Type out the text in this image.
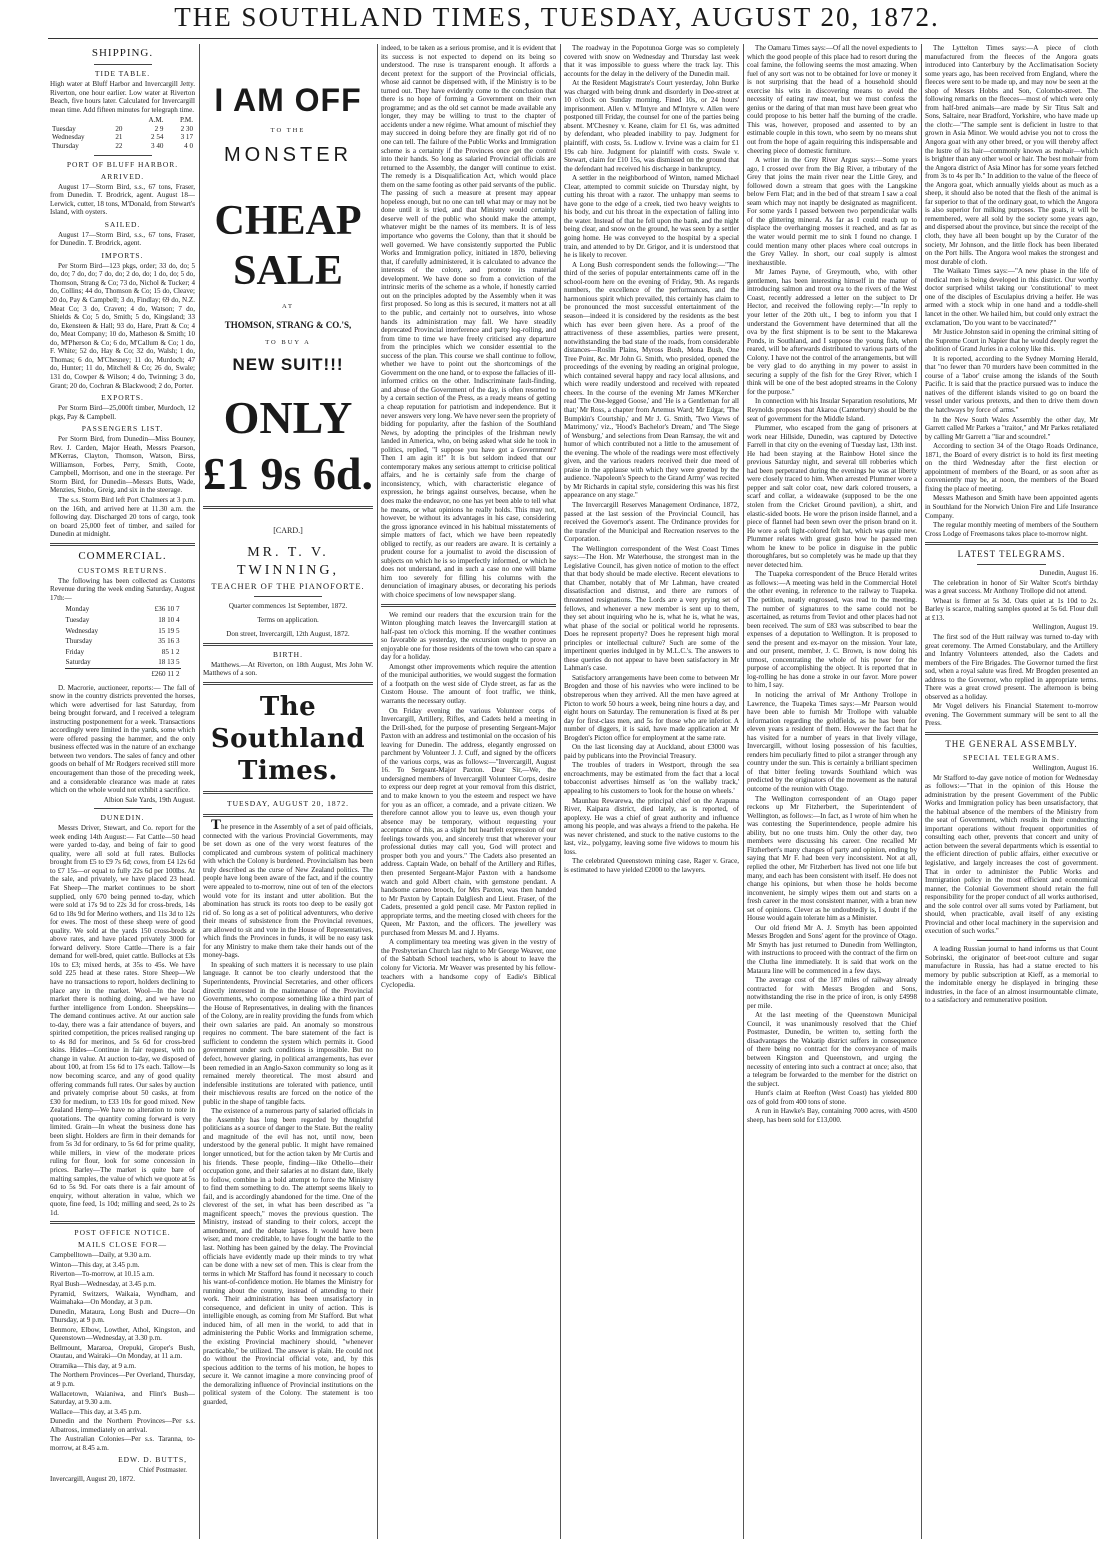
THE SOUTHLAND TIMES, TUESDAY, AUGUST 20, 1872.
SHIPPING.
TIDE TABLE.

High water at Bluff Harbor and Invercargill Jetty. Riverton, one hour earlier. Low water at Riverton Beach, five hours later. Calculated for Invercargill mean time. Add fifteen minutes for telegraph time.

		A.M.	P.M.
Tuesday	20	2 9	2 30
Wednesday	21	2 54	3 17
Thursday	22	3 40	4 0
PORT OF BLUFF HARBOR.
ARRIVED.

August 17—Storm Bird, s.s., 67 tons, Fraser, from Dunedin. T. Brodrick, agent. August 18—Lerwick, cutter, 18 tons, M'Donald, from Stewart's Island, with oysters.

SAILED.

August 17—Storm Bird, s.s., 67 tons, Fraser, for Dunedin. T. Brodrick, agent.

IMPORTS.

Per Storm Bird—123 pkgs, order; 33 do, do; 5 do, do; 7 do, do; 7 do, do; 2 do, do; 1 do, do; 5 do, Thomson, Strang & Co; 73 do, Nichol & Tucker; 4 do, Collins; 44 do, Thomson & Co; 15 do, Cleave; 20 do, Pay & Campbell; 3 do, Findlay; 69 do, N.Z. Meat Co; 3 do, Craven; 4 do, Watson; 7 do, Shields & Co; 5 do, Smith; 5 do, Kingsland; 33 do, Ekensteen & Hall; 93 do, Hare, Pratt & Co; 4 do, Meat Company; 10 do, Matheson & Smith; 10 do, M'Pherson & Co; 6 do, M'Callum & Co; 1 do, F. White; 52 do, Hay & Co; 32 do, Walsh; 1 do, Thomas; 6 do, M'Chesney; 11 do, Murdoch; 47 do, Hunter; 11 do, Mitchell & Co; 26 do, Swale; 131 do, Cowper & Wilson; 4 do, Twinning; 3 do, Grant; 20 do, Cochran & Blackwood; 2 do, Porter.

EXPORTS.

Per Storm Bird—25,000ft timber, Murdoch, 12 pkgs, Pay & Campbell.

PASSENGERS LIST.

Per Storm Bird, from Dunedin—Miss Bouney, Rev. J. Carden, Major Heath, Messrs Pearson, M'Kerras, Clayton, Thomson, Watson, Birss, Williamson, Forbes, Perry, Smith, Coote, Campbell, Morrison, and one in the steerage. Per Storm Bird, for Dunedin—Messrs Butts, Wade, Menzies, Stobo, Greig, and six in the steerage.

The s.s. Storm Bird left Port Chalmers at 3 p.m. on the 16th, and arrived here at 11.30 a.m. the following day. Discharged 20 tons of cargo, took on board 25,000 feet of timber, and sailed for Dunedin at midnight.

COMMERCIAL.
CUSTOMS RETURNS.

The following has been collected as Customs Revenue during the week ending Saturday, August 17th:—

Monday	£36 10 7
Tuesday	18 10 4
Wednesday	15 19 5
Thursday	35 16 3
Friday	85 1 2
Saturday	18 13 5
	£260 11 2

D. Macrorie, auctioneer, reports:— The fall of snow in the country districts prevented the horses, which were advertised for last Saturday, from being brought forward, and I received a telegram instructing postponement for a week. Transactions accordingly were limited in the yards, some which were offered passing the hammer, and the only business effected was in the nature of an exchange between two vendors. The sales of fancy and other goods on behalf of Mr Rodgers received still more encouragement than those of the preceding week, and a considerable clearance was made at rates which on the whole would not exhibit a sacrifice.

Albion Sale Yards, 19th August.

DUNEDIN.

Messrs Driver, Stewart, and Co. report for the week ending 14th August:— Fat Cattle—50 head were yarded to-day, and being of fair to good quality, were all sold at full rates. Bullocks brought from £5 to £9 7s 6d; cows, from £4 12s 6d to £7 15s—or equal to fully 22s 6d per 100lbs. At the sale, and privately, we have placed 23 head. Fat Sheep—The market continues to be short supplied, only 670 being penned to-day, which were sold at 17s 9d to 22s 3d for cross-breds, 14s 6d to 18s 9d for Merino wethers, and 11s 3d to 12s for ewes. The most of these sheep were of good quality. We sold at the yards 150 cross-breds at above rates, and have placed privately 3000 for forward delivery. Store Cattle—There is a fair demand for well-bred, quiet cattle. Bullocks at £3s 10s to £3; mixed herds, at 35s to 45s. We have sold 225 head at these rates. Store Sheep—We have no transactions to report, holders declining to place any in the market. Wool—In the local market there is nothing doing, and we have no further intelligence from London. Sheepskins—The demand continues active. At our auction sale to-day, there was a fair attendance of buyers, and spirited competition, the prices realised ranging up to 4s 8d for merinos, and 5s 6d for cross-bred skins. Hides—Continue in fair request, with no change in value. At auction to-day, we disposed of about 100, at from 15s 6d to 17s each. Tallow—Is now becoming scarce, and any of good quality offering commands full rates. Our sales by auction and privately comprise about 50 casks, at from £30 for medium, to £33 10s for good mixed. New Zealand Hemp—We have no alteration to note in quotations. The quantity coming forward is very limited. Grain—In wheat the business done has been slight. Holders are firm in their demands for from 5s 3d for ordinary, to 5s 6d for prime quality, while millers, in view of the moderate prices ruling for flour, look for some concession in prices. Barley—The market is quite bare of malting samples, the value of which we quote at 5s 6d to 5s 9d. For oats there is a fair amount of enquiry, without alteration in value, which we quote, fine feed, 1s 10d; milling and seed, 2s to 2s 1d.

POST OFFICE NOTICE.
MAILS CLOSE FOR—

Campbelltown—Daily, at 9.30 a.m.

Winton—This day, at 3.45 p.m.

Riverton—To-morrow, at 10.15 a.m.

Ryal Bush—Wednesday, at 3.45 p.m.

Pyramid, Switzers, Waikaia, Wyndham, and Waimahaka—On Monday, at 3 p.m.

Dunedin, Mataura, Long Bush and Ducre—On Thursday, at 9 p.m.

Benmore, Elbow, Lowther, Athol, Kingston, and Queenstown—Wednesday, at 3.30 p.m.

Bellmount, Mararoa, Orepuki, Groper's Bush, Otautau, and Wairaki—On Monday, at 11 a.m.

Otramika—This day, at 9 a.m.

The Northern Provinces—Per Overland, Thursday, at 9 p.m.

Wallacetown, Waianiwa, and Flint's Bush—Saturday, at 9.30 a.m.

Wallace—This day, at 3.45 p.m.

Dunedin and the Northern Provinces—Per s.s. Albatross, immediately on arrival.

The Australian Colonies—Per s.s. Taranna, to-morrow, at 8.45 a.m.

EDW. D. BUTTS,
Chief Postmaster.

Invercargill, August 20, 1872.

I AM OFF
TO THE
MONSTER
CHEAP SALE
AT
THOMSON, STRANG & CO.'S,
TO BUY A
NEW SUIT!!!
ONLY £1 9s 6d.
[CARD.]
MR. T. V. TWINNING,
TEACHER OF THE PIANOFORTE.
Quarter commences 1st September, 1872.
Terms on application.
Don street, Invercargill, 12th August, 1872.
BIRTH.

Matthews.—At Riverton, on 18th August, Mrs John W. Matthews of a son.

The Southland Times.
TUESDAY, AUGUST 20, 1872.

The presence in the Assembly of a set of paid officials, connected with the various Provincial Governments, may be set down as one of the very worst features of the complicated and cumbrous system of political machinery with which the Colony is burdened. Provincialism has been truly described as the curse of New Zealand politics. The people have long been aware of the fact, and if the country were appealed to to-morrow, nine out of ten of the electors would vote for its instant and utter abolition. But the abomination has struck its roots too deep to be easily got rid of. So long as a set of political adventurers, who derive their means of subsistence from the Provincial revenues, are allowed to sit and vote in the House of Representatives, which finds the Provinces in funds, it will be no easy task for any Ministry to make them take their hands out of the money-bags.

In speaking of such matters it is necessary to use plain language. It cannot be too clearly understood that the Superintendents, Provincial Secretaries, and other officers directly interested in the maintenance of the Provincial Governments, who compose something like a third part of the House of Representatives, in dealing with the finances of the Colony, are in reality providing the funds from which their own salaries are paid. An anomaly so monstrous requires no comment. The bare statement of the fact is sufficient to condemn the system which permits it. Good government under such conditions is impossible. But no defect, however glaring, in political arrangements, has ever been remedied in an Anglo-Saxon community so long as it remained merely theoretical. The most absurd and indefensible institutions are tolerated with patience, until their mischievous results are forced on the notice of the public in the shape of tangible facts.

The existence of a numerous party of salaried officials in the Assembly has long been regarded by thoughtful politicians as a source of danger to the State. But the reality and magnitude of the evil has not, until now, been understood by the general public. It might have remained longer unnoticed, but for the action taken by Mr Curtis and his friends. These people, finding—like Othello—their occupation gone, and their salaries at no distant date, likely to follow, combine in a bold attempt to force the Ministry to find them something to do. The attempt seems likely to fail, and is accordingly abandoned for the time. One of the cleverest of the set, in what has been described as "a magnificent speech," moves the previous question. The Ministry, instead of standing to their colors, accept the amendment, and the debate lapses. It would have been wiser, and more creditable, to have fought the battle to the last. Nothing has been gained by the delay. The Provincial officials have evidently made up their minds to try what can be done with a new set of men. This is clear from the terms in which Mr Stafford has found it necessary to couch his want-of-confidence motion. He blames the Ministry for running about the country, instead of attending to their work. Their administration has been unsatisfactory in consequence, and deficient in unity of action. This is intelligible enough, as coming from Mr Stafford. But what induced him, of all men in the world, to add that in administering the Public Works and Immigration scheme, the existing Provincial machinery should, "whenever practicable," be utilized. The answer is plain. He could not do without the Provincial official vote, and, by this specious addition to the terms of his motion, he hopes to secure it. We cannot imagine a more convincing proof of the demoralizing influence of Provincial institutions on the political system of the Colony. The statement is too guarded,

indeed, to be taken as a serious promise, and it is evident that its success is not expected to depend on its being so understood. The ruse is transparent enough. It affords a decent pretext for the support of the Provincial officials, whose aid cannot be dispensed with, if the Ministry is to be turned out. They have evidently come to the conclusion that there is no hope of forming a Government on their own programme; and as the old set cannot be made available any longer, they may be willing to trust to the chapter of accidents under a new régime. What amount of mischief they may succeed in doing before they are finally got rid of no one can tell. The failure of the Public Works and Immigration scheme is a certainty if the Provinces once get the control into their hands. So long as salaried Provincial officials are returned to the Assembly, the danger will continue to exist. The remedy is a Disqualification Act, which would place them on the same footing as other paid servants of the public. The passing of such a measure at present may appear hopeless enough, but no one can tell what may or may not be done until it is tried, and that Ministry would certainly deserve well of the public who should make the attempt, whatever might be the names of its members. It is of less importance who governs the Colony, than that it should be well governed. We have consistently supported the Public Works and Immigration policy, initiated in 1870, believing that, if carefully administered, it is calculated to advance the interests of the colony, and promote its material development. We have done so from a conviction of the intrinsic merits of the scheme as a whole, if honestly carried out on the principles adopted by the Assembly when it was first proposed. So long as this is secured, it matters not at all to the public, and certainly not to ourselves, into whose hands its administration may fall. We have steadily deprecated Provincial interference and party log-rolling, and from time to time we have freely criticised any departure from the principles which we consider essential to the success of the plan. This course we shall continue to follow, whether we have to point out the shortcomings of the Government on the one hand, or to expose the fallacies of ill-informed critics on the other. Indiscriminate fault-finding, and abuse of the Government of the day, is often resorted to by a certain section of the Press, as a ready means of getting a cheap reputation for patriotism and independence. But it never answers very long. We have never seen the propriety of bidding for popularity, after the fashion of the Southland News, by adopting the principles of the Irishman newly landed in America, who, on being asked what side he took in politics, replied, "I suppose you have got a Government? Then I am agin it!" It is but seldom indeed that our contemporary makes any serious attempt to criticise political affairs, and he is certainly safe from the charge of inconsistency, which, with characteristic elegance of expression, he brings against ourselves, because, when he does make the endeavor, no one has yet been able to tell what he means, or what opinions he really holds. This may not, however, be without its advantages in his case, considering the gross ignorance evinced in his habitual misstatements of simple matters of fact, which we have been repeatedly obliged to rectify, as our readers are aware. It is certainly a prudent course for a journalist to avoid the discussion of subjects on which he is so imperfectly informed, or which he does not understand, and in such a case no one will blame him too severely for filling his columns with the denunciation of imaginary abuses, or decorating his periods with choice specimens of low newspaper slang.

We remind our readers that the excursion train for the Winton ploughing match leaves the Invercargill station at half-past ten o'clock this morning. If the weather continues so favorable as yesterday, the excursion ought to prove an enjoyable one for those residents of the town who can spare a day for a holiday.

Amongst other improvements which require the attention of the municipal authorities, we would suggest the formation of a footpath on the west side of Clyde street, as far as the Custom House. The amount of foot traffic, we think, warrants the necessary outlay.

On Friday evening the various Volunteer corps of Invercargill, Artillery, Rifles, and Cadets held a meeting in the Drill-shed, for the purpose of presenting Sergeant-Major Paxton with an address and testimonial on the occasion of his leaving for Dunedin. The address, elegantly engrossed on parchment by Volunteer J. J. Cuff, and signed by the officers of the various corps, was as follows:—"Invercargill, August 16. To Sergeant-Major Paxton. Dear Sir,—We, the undersigned members of Invercargill Volunteer Corps, desire to express our deep regret at your removal from this district, and to make known to you the esteem and respect we have for you as an officer, a comrade, and a private citizen. We therefore cannot allow you to leave us, even though your absence may be temporary, without requesting your acceptance of this, as a slight but heartfelt expression of our feelings towards you, and sincerely trust that wherever your professional duties may call you, God will protect and prosper both you and yours." The Cadets also presented an address. Captain Wade, on behalf of the Artillery and Rifles, then presented Sergeant-Major Paxton with a handsome watch and gold Albert chain, with gemstone pendant. A handsome cameo brooch, for Mrs Paxton, was then handed to Mr Paxton by Captain Dalgliesh and Lieut. Fraser, of the Cadets, presented a gold pencil case. Mr Paxton replied in appropriate terms, and the meeting closed with cheers for the Queen, Mr Paxton, and the officers. The jewellery was purchased from Messrs M. and J. Hyams.

A complimentary tea meeting was given in the vestry of the Presbyterian Church last night to Mr George Weaver, one of the Sabbath School teachers, who is about to leave the colony for Victoria. Mr Weaver was presented by his fellow-teachers with a handsome copy of Eadie's Biblical Cyclopedia.

The roadway in the Popotunoa Gorge was so completely covered with snow on Wednesday and Thursday last week that it was impossible to guess where the track lay. This accounts for the delay in the delivery of the Dunedin mail.

At the Resident Magistrate's Court yesterday, John Burke was charged with being drunk and disorderly in Dee-street at 10 o'clock on Sunday morning. Fined 10s, or 24 hours' imprisonment. Allen v. M'Intyre and M'Intyre v. Allen were postponed till Friday, the counsel for one of the parties being absent. M'Chesney v. Keane, claim for £1 6s, was admitted by defendant, who pleaded inability to pay. Judgment for plaintiff, with costs, 5s. Ludlow v. Irvine was a claim for £1 19s cab hire. Judgment for plaintiff with costs. Swale v. Stewart, claim for £10 15s, was dismissed on the ground that the defendant had received his discharge in bankruptcy.

A settler in the neighborhood of Winton, named Michael Clear, attempted to commit suicide on Thursday night, by cutting his throat with a razor. The unhappy man seems to have gone to the edge of a creek, tied two heavy weights to his body, and cut his throat in the expectation of falling into the water. Instead of that he fell upon the bank, and the night being clear, and snow on the ground, he was seen by a settler going home. He was conveyed to the hospital by a special train, and attended to by Dr. Grigor, and it is understood that he is likely to recover.

A Long Bush correspondent sends the following:—"The third of the series of popular entertainments came off in the school-room here on the evening of Friday, 9th. As regards numbers, the excellence of the performances, and the harmonious spirit which prevailed, this certainly has claim to be pronounced the most successful entertainment of the season—indeed it is considered by the residents as the best which has ever been given here. As a proof of the attractiveness of these assemblies, parties were present, notwithstanding the bad state of the roads, from considerable distances—Roslin Plains, Myross Bush, Mona Bush, One Tree Point, &c. Mr John G. Smith, who presided, opened the proceedings of the evening by reading an original prologue, which contained several happy and racy local allusions, and which were readily understood and received with repeated cheers. In the course of the evening Mr James M'Kercher read 'The One-legged Goose,' and 'He is a Gentleman for all that;' Mr Ross, a chapter from Artemus Ward; Mr Edgar, 'The Bumpkin's Courtship,' and Mr J. G. Smith, 'Two Views of Matrimony,' viz., 'Hood's Bachelor's Dream,' and 'The Siege of Wensburg,' and selections from Dean Ramsay, the wit and humor of which contributed not a little to the amusement of the evening. The whole of the readings were most effectively given, and the various readers received their due meed of praise in the applause with which they were greeted by the audience. 'Napoleon's Speech to the Grand Army' was recited by Mr Richards in capital style, considering this was his first appearance on any stage."

The Invercargill Reserves Management Ordinance, 1872, passed at the last session of the Provincial Council, has received the Governor's assent. The Ordinance provides for the transfer of the Municipal and Recreation reserves to the Corporation.

The Wellington correspondent of the West Coast Times says:—The Hon. Mr Waterhouse, the strongest man in the Legislative Council, has given notice of motion to the effect that that body should be made elective. Recent elevations to that Chamber, notably that of Mr Lahman, have created dissatisfaction and distrust, and there are rumors of threatened resignations. The Lords are a very prying set of fellows, and whenever a new member is sent up to them, they set about inquiring who he is, what he is, what he was, what phase of the social or political world he represents. Does he represent property? Does he represent high moral principles or intellectual culture? Such are some of the impertinent queries indulged in by M.L.C.'s. The answers to these queries do not appear to have been satisfactory in Mr Lahman's case.

Satisfactory arrangements have been come to between Mr Brogden and those of his navvies who were inclined to be obstreperous when they arrived. All the men have agreed at Picton to work 50 hours a week, being nine hours a day, and eight hours on Saturday. The remuneration is fixed at 8s per day for first-class men, and 5s for those who are inferior. A number of diggers, it is said, have made application at Mr Brogden's Picton office for employment at the same rate.

On the last licensing day at Auckland, about £3000 was paid by publicans into the Provincial Treasury.

The troubles of traders in Westport, through the sea encroachments, may be estimated from the fact that a local tobacconist advertises himself as 'on the wallaby track,' appealing to his customers to 'look for the house on wheels.'

Maunhau Rewarewa, the principal chief on the Arapuna River, Kaipara district, died lately, as is reported, of apoplexy. He was a chief of great authority and influence among his people, and was always a friend to the pakeha. He was never christened, and stuck to the native customs to the last, viz., polygamy, leaving some five widows to mourn his loss.

The celebrated Queenstown mining case, Rager v. Grace, is estimated to have yielded £2000 to the lawyers.

The Oamaru Times says:—Of all the novel expedients to which the good people of this place had to resort during the coal famine, the following seems the most amazing. When fuel of any sort was not to be obtained for love or money it is not surprising that the head of a household should exercise his wits in discovering means to avoid the necessity of eating raw meat, but we must confess the genius or the daring of that man must have been great who could propose to his better half the burning of the cradle. This was, however, proposed and assented to by an estimable couple in this town, who seem by no means shut out from the hope of again requiring this indispensable and cheering piece of domestic furniture.

A writer in the Grey River Argus says:—Some years ago, I crossed over from the Big River, a tributary of the Grey that joins the main river near the Little Grey, and followed down a stream that goes with the Langskine below Fern Flat; and in the bed of that stream I saw a coal seam which may not inaptly be designated as magnificent. For some yards I passed between two perpendicular walls of the glittering mineral. As far as I could reach up to displace the overhanging mosses it reached, and as far as the water would permit me to sink I found no change. I could mention many other places where coal outcrops in the Grey Valley. In short, our coal supply is almost inexhaustible.

Mr James Payne, of Greymouth, who, with other gentlemen, has been interesting himself in the matter of introducing salmon and trout ova to the rivers of the West Coast, recently addressed a letter on the subject to Dr Hector, and received the following reply:—"In reply to your letter of the 20th ult., I beg to inform you that I understand the Government have determined that all the ova by the first shipment is to be sent to the Makarewa Ponds, in Southland, and I suppose the young fish, when reared, will be afterwards distributed to various parts of the Colony. I have not the control of the arrangements, but will be very glad to do anything in my power to assist in securing a supply of the fish for the Grey River, which I think will be one of the best adopted streams in the Colony for the purpose."

In connection with his Insular Separation resolutions, Mr Reynolds proposes that Akaroa (Canterbury) should be the seat of government for the Middle Island.

Plummer, who escaped from the gang of prisoners at work near Hillside, Dunedin, was captured by Detective Farrell in that city on the evening of Tuesday last, 13th inst. He had been staying at the Rainbow Hotel since the previous Saturday night, and several till robberies which had been perpetrated during the evenings he was at liberty were closely traced to him. When arrested Plummer wore a pepper and salt color coat, new dark colored trousers, a scarf and collar, a wideawake (supposed to be the one stolen from the Cricket Ground pavilion), a shirt, and elastic-sided boots. He wore the prison inside flannel, and a piece of flannel had been sewn over the prison brand on it. He wore a soft light-colored felt hat, which was quite new. Plummer relates with great gusto how he passed men whom he knew to be police in disguise in the public thoroughfares, but so completely was he made up that they never detected him.

The Tuapeka correspondent of the Bruce Herald writes as follows:—A meeting was held in the Commercial Hotel the other evening, in reference to the railway to Tuapeka. The petition, neatly engrossed, was read to the meeting. The number of signatures to the same could not be ascertained, as returns from Teviot and other places had not been received. The sum of £83 was subscribed to bear the expenses of a deputation to Wellington. It is proposed to send the present and ex-mayor on the mission. Your late, and our present, member, J. C. Brown, is now doing his utmost, concentrating the whole of his power for the purpose of accomplishing the object. It is reported that in log-rolling he has done a stroke in our favor. More power to him, I say.

In noticing the arrival of Mr Anthony Trollope in Lawrence, the Tuapeka Times says:—Mr Pearson would have been able to furnish Mr Trollope with valuable information regarding the goldfields, as he has been for eleven years a resident of them. However the fact that he has visited for a number of years in that lively village, Invercargill, without losing possession of his faculties, renders him peculiarly fitted to pilot a stranger through any country under the sun. This is certainly a brilliant specimen of that bitter feeling towards Southland which was predicted by the originators of the movement as the natural outcome of the reunion with Otago.

The Wellington correspondent of an Otago paper reckons up Mr Fitzherbert, the Superintendent of Wellington, as follows:—In fact, as I wrote of him when he was contesting the Superintendence, people admire his ability, but no one trusts him. Only the other day, two members were discussing his career. One recalled Mr Fitzherbert's many changes of party and opinion, ending by saying that Mr F. had been very inconsistent. Not at all, replied the other, Mr Fitzherbert has lived not one life but many, and each has been consistent with itself. He does not change his opinions, but when those he holds become inconvenient, he simply wipes them out and starts on a fresh career in the most consistent manner, with a bran new set of opinions. Clever as he undoubtedly is, I doubt if the House would again tolerate him as a Minister.

Our old friend Mr A. J. Smyth has been appointed Messrs Brogden and Sons' agent for the province of Otago. Mr Smyth has just returned to Dunedin from Wellington, with instructions to proceed with the contract of the firm on the Clutha line immediately. It is said that work on the Mataura line will be commenced in a few days.

The average cost of the 187 miles of railway already contracted for with Messrs Brogden and Sons, notwithstanding the rise in the price of iron, is only £4998 per mile.

At the last meeting of the Queenstown Municipal Council, it was unanimously resolved that the Chief Postmaster, Dunedin, be written to, setting forth the disadvantages the Wakatip district suffers in consequence of there being no contract for the conveyance of mails between Kingston and Queenstown, and urging the necessity of entering into such a contract at once; also, that a telegram be forwarded to the member for the district on the subject.

Hunt's claim at Reefton (West Coast) has yielded 800 ozs of gold from 400 tons of stone.

A run in Hawke's Bay, containing 7000 acres, with 4500 sheep, has been sold for £13,000.

The Lyttelton Times says:—A piece of cloth manufactured from the fleeces of the Angora goats introduced into Canterbury by the Acclimatisation Society some years ago, has been received from England, where the fleeces were sent to be made up, and may now be seen at the shop of Messrs Hobbs and Son, Colombo-street. The following remarks on the fleeces—most of which were only from half-bred animals—are made by Sir Titus Salt and Sons, Saltaire, near Bradford, Yorkshire, who have made up the cloth:—"The sample sent is deficient in lustre to that grown in Asia Minor. We would advise you not to cross the Angora goat with any other breed, or you will thereby affect the lustre of its hair—commonly known as mohair—which is brighter than any other wool or hair. The best mohair from the Angora district of Asia Minor has for some years fetched from 3s to 4s per lb." In addition to the value of the fleece of the Angora goat, which annually yields about as much as a sheep, it should also be noted that the flesh of the animal is far superior to that of the ordinary goat, to which the Angora is also superior for milking purposes. The goats, it will be remembered, were all sold by the society some years ago, and dispersed about the province, but since the receipt of the cloth, they have all been bought up by the Curator of the society, Mr Johnson, and the little flock has been liberated on the Port hills. The Angora wool makes the strongest and most durable of cloth.

The Waikato Times says:—"A new phase in the life of medical men is being developed in this district. Our worthy doctor surprised whilst taking our 'constitutional' to meet one of the disciples of Esculapius driving a heifer. He was armed with a stock whip in one hand and a toddle-shell lancet in the other. We hailed him, but could only extract the exclamation, 'Do you want to be vaccinated?'"

Mr Justice Johnston said in opening the criminal sitting of the Supreme Court in Napier that he would deeply regret the abolition of Grand Juries in a colony like this.

It is reported, according to the Sydney Morning Herald, that "no fewer than 70 murders have been committed in the course of a 'labor' cruise among the islands of the South Pacific. It is said that the practice pursued was to induce the natives of the different islands visited to go on board the vessel under various pretexts, and then to drive them down the hatchways by force of arms."

In the New South Wales Assembly the other day, Mr Garrett called Mr Parkes a "traitor," and Mr Parkes retaliated by calling Mr Garrett a "liar and scoundrel."

According to section 34 of the Otago Roads Ordinance, 1871, the Board of every district is to hold its first meeting on the third Wednesday after the first election or appointment of members of the Board, or as soon after as conveniently may be, at noon, the members of the Board fixing the place of meeting.

Messrs Matheson and Smith have been appointed agents in Southland for the Norwich Union Fire and Life Insurance Company.

The regular monthly meeting of members of the Southern Cross Lodge of Freemasons takes place to-morrow night.

LATEST TELEGRAMS.

Dunedin, August 16.

The celebration in honor of Sir Walter Scott's birthday was a great success. Mr Anthony Trollope did not attend.

Wheat is firmer at 5s 3d. Oats quiet at 1s 10d to 2s. Barley is scarce, malting samples quoted at 5s 6d. Flour dull at £13.

Wellington, August 19.

The first sod of the Hutt railway was turned to-day with great ceremony. The Armed Constabulary, and the Artillery and Infantry Volunteers attended, also the Cadets and members of the Fire Brigades. The Governor turned the first sod, when a royal salute was fired. Mr Brogden presented an address to the Governor, who replied in appropriate terms. There was a great crowd present. The afternoon is being observed as a holiday.

Mr Vogel delivers his Financial Statement to-morrow evening. The Government summary will be sent to all the Press.

THE GENERAL ASSEMBLY.
SPECIAL TELEGRAMS.

Wellington, August 16.

Mr Stafford to-day gave notice of motion for Wednesday as follows:—"That in the opinion of this House the administration by the present Government of the Public Works and Immigration policy has been unsatisfactory, that the habitual absence of the members of the Ministry from the seat of Government, which results in their conducting important operations without frequent opportunities of consulting each other, prevents that concert and unity of action between the several departments which is essential to the efficient direction of public affairs, either executive or legislative, and largely increases the cost of government. That in order to administer the Public Works and Immigration policy in the most efficient and economical manner, the Colonial Government should retain the full responsibility for the proper conduct of all works authorised, and the sole control over all sums voted by Parliament, but should, when practicable, avail itself of any existing Provincial and other local machinery in the supervision and execution of such works."

A leading Russian journal to hand informs us that Count Sobrinski, the originator of beet-root culture and sugar manufacture in Russia, has had a statue erected to his memory by public subscription at Kieff, as a memorial to the indomitable energy he displayed in bringing these industries, in the face of an almost insurmountable climate, to a satisfactory and remunerative position.
